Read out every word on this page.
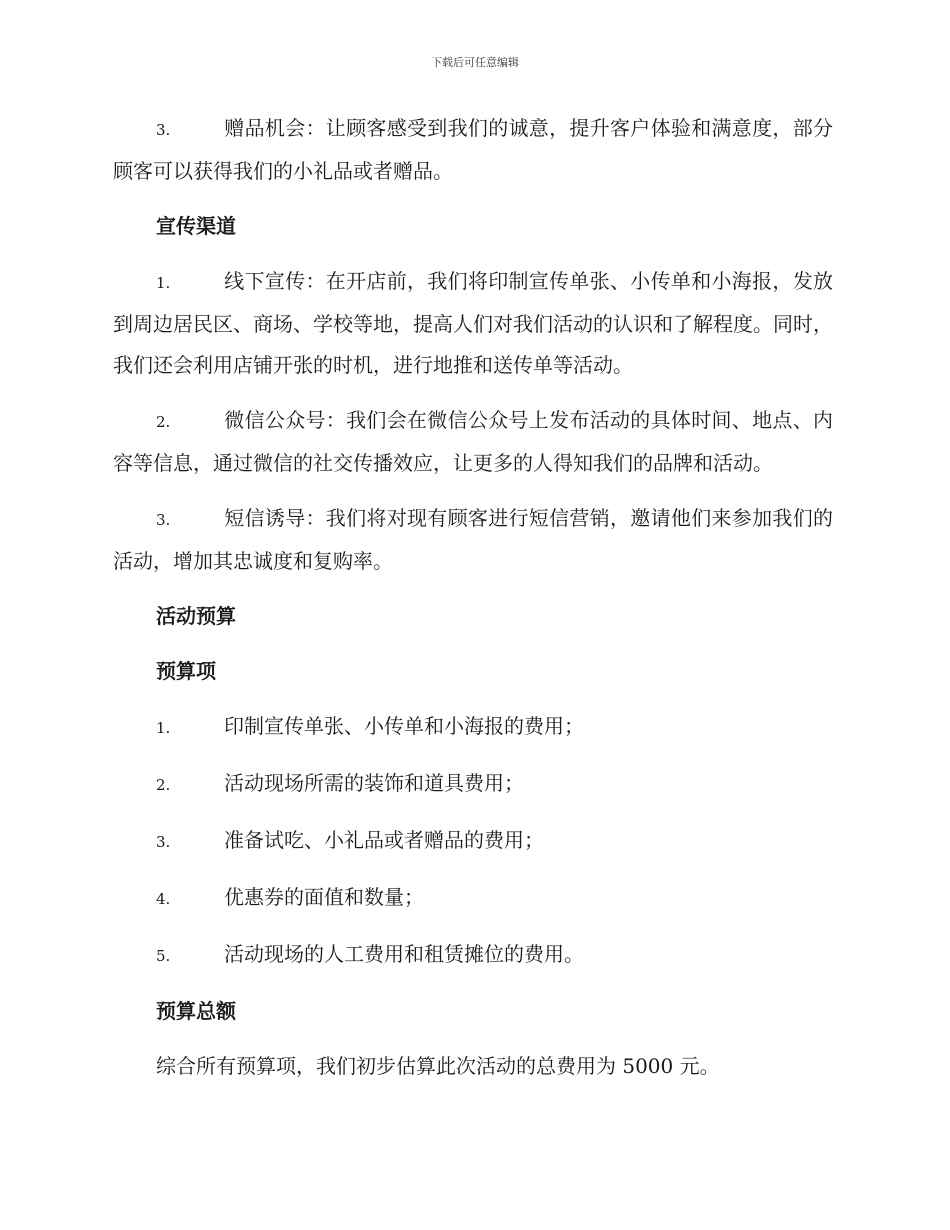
下载后可任意编辑

3.	赠品机会：让顾客感受到我们的诚意，提升客户体验和满意度，部分顾客可以获得我们的小礼品或者赠品。

宣传渠道

1.	线下宣传：在开店前，我们将印制宣传单张、小传单和小海报，发放到周边居民区、商场、学校等地，提高人们对我们活动的认识和了解程度。同时，我们还会利用店铺开张的时机，进行地推和送传单等活动。

2.	微信公众号：我们会在微信公众号上发布活动的具体时间、地点、内容等信息，通过微信的社交传播效应，让更多的人得知我们的品牌和活动。

3.	短信诱导：我们将对现有顾客进行短信营销，邀请他们来参加我们的活动，增加其忠诚度和复购率。

活动预算
预算项
1.	印制宣传单张、小传单和小海报的费用；
2.	活动现场所需的装饰和道具费用；
3.	准备试吃、小礼品或者赠品的费用；
4.	优惠券的面值和数量；
5.	活动现场的人工费用和租赁摊位的费用。
预算总额

综合所有预算项，我们初步估算此次活动的总费用为 5000 元。
